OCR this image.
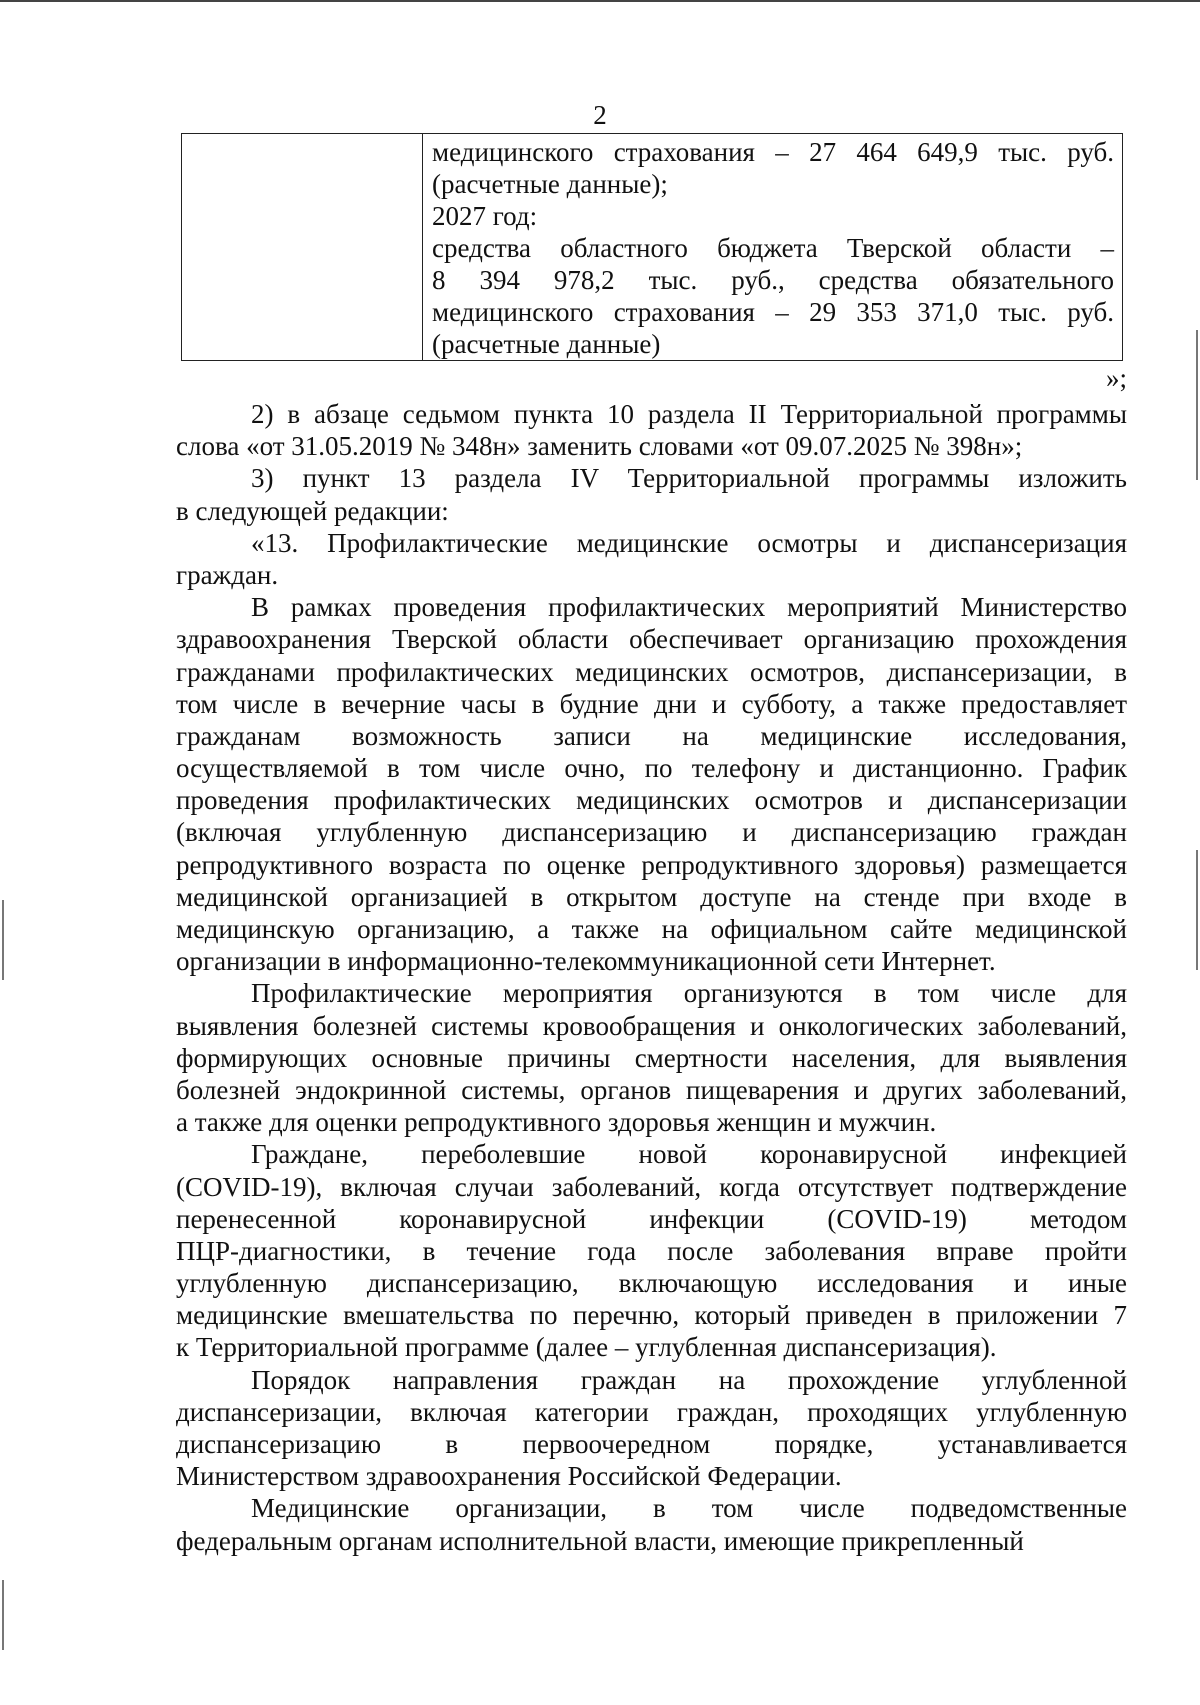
2

медицинского страхования – 27 464 649,9 тыс. руб.
(расчетные данные);
2027 год:
средства областного бюджета Тверской области –
8 394 978,2 тыс. руб., средства обязательного
медицинского страхования – 29 353 371,0 тыс. руб.
(расчетные данные)
»;
2) в абзаце седьмом пункта 10 раздела II Территориальной программы
слова «от 31.05.2019 № 348н» заменить словами «от 09.07.2025 № 398н»;
3) пункт 13 раздела IV Территориальной программы изложить
в следующей редакции:
«13. Профилактические медицинские осмотры и диспансеризация
граждан.
В рамках проведения профилактических мероприятий Министерство
здравоохранения Тверской области обеспечивает организацию прохождения
гражданами профилактических медицинских осмотров, диспансеризации, в
том числе в вечерние часы в будние дни и субботу, а также предоставляет
гражданам возможность записи на медицинские исследования,
осуществляемой в том числе очно, по телефону и дистанционно. График
проведения профилактических медицинских осмотров и диспансеризации
(включая углубленную диспансеризацию и диспансеризацию граждан
репродуктивного возраста по оценке репродуктивного здоровья) размещается
медицинской организацией в открытом доступе на стенде при входе в
медицинскую организацию, а также на официальном сайте медицинской
организации в информационно-телекоммуникационной сети Интернет.
Профилактические мероприятия организуются в том числе для
выявления болезней системы кровообращения и онкологических заболеваний,
формирующих основные причины смертности населения, для выявления
болезней эндокринной системы, органов пищеварения и других заболеваний,
а также для оценки репродуктивного здоровья женщин и мужчин.
Граждане, переболевшие новой коронавирусной инфекцией
(COVID-19), включая случаи заболеваний, когда отсутствует подтверждение
перенесенной коронавирусной инфекции (COVID-19) методом
ПЦР-диагностики, в течение года после заболевания вправе пройти
углубленную диспансеризацию, включающую исследования и иные
медицинские вмешательства по перечню, который приведен в приложении 7
к Территориальной программе (далее – углубленная диспансеризация).
Порядок направления граждан на прохождение углубленной
диспансеризации, включая категории граждан, проходящих углубленную
диспансеризацию в первоочередном порядке, устанавливается
Министерством здравоохранения Российской Федерации.
Медицинские организации, в том числе подведомственные
федеральным органам исполнительной власти, имеющие прикрепленный
